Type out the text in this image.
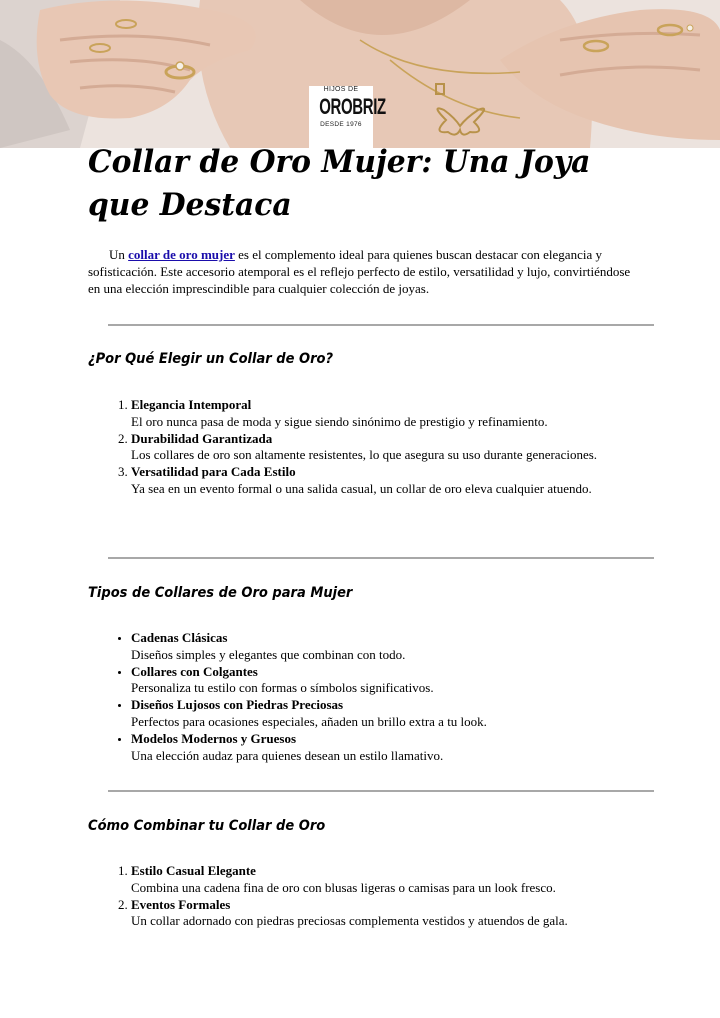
HIJOS DE
OROBRIZ
DESDE 1976
Collar de Oro Mujer: Una Joya que Destaca

Un collar de oro mujer es el complemento ideal para quienes buscan destacar con elegancia y sofisticación. Este accesorio atemporal es el reflejo perfecto de estilo, versatilidad y lujo, convirtiéndose en una elección imprescindible para cualquier colección de joyas.

¿Por Qué Elegir un Collar de Oro?
1. Elegancia Intemporal
El oro nunca pasa de moda y sigue siendo sinónimo de prestigio y refinamiento.
2. Durabilidad Garantizada
Los collares de oro son altamente resistentes, lo que asegura su uso durante generaciones.
3. Versatilidad para Cada Estilo
Ya sea en un evento formal o una salida casual, un collar de oro eleva cualquier atuendo.
Tipos de Collares de Oro para Mujer
• Cadenas Clásicas
Diseños simples y elegantes que combinan con todo.
• Collares con Colgantes
Personaliza tu estilo con formas o símbolos significativos.
• Diseños Lujosos con Piedras Preciosas
Perfectos para ocasiones especiales, añaden un brillo extra a tu look.
• Modelos Modernos y Gruesos
Una elección audaz para quienes desean un estilo llamativo.
Cómo Combinar tu Collar de Oro
1. Estilo Casual Elegante
Combina una cadena fina de oro con blusas ligeras o camisas para un look fresco.
2. Eventos Formales
Un collar adornado con piedras preciosas complementa vestidos y atuendos de gala.
